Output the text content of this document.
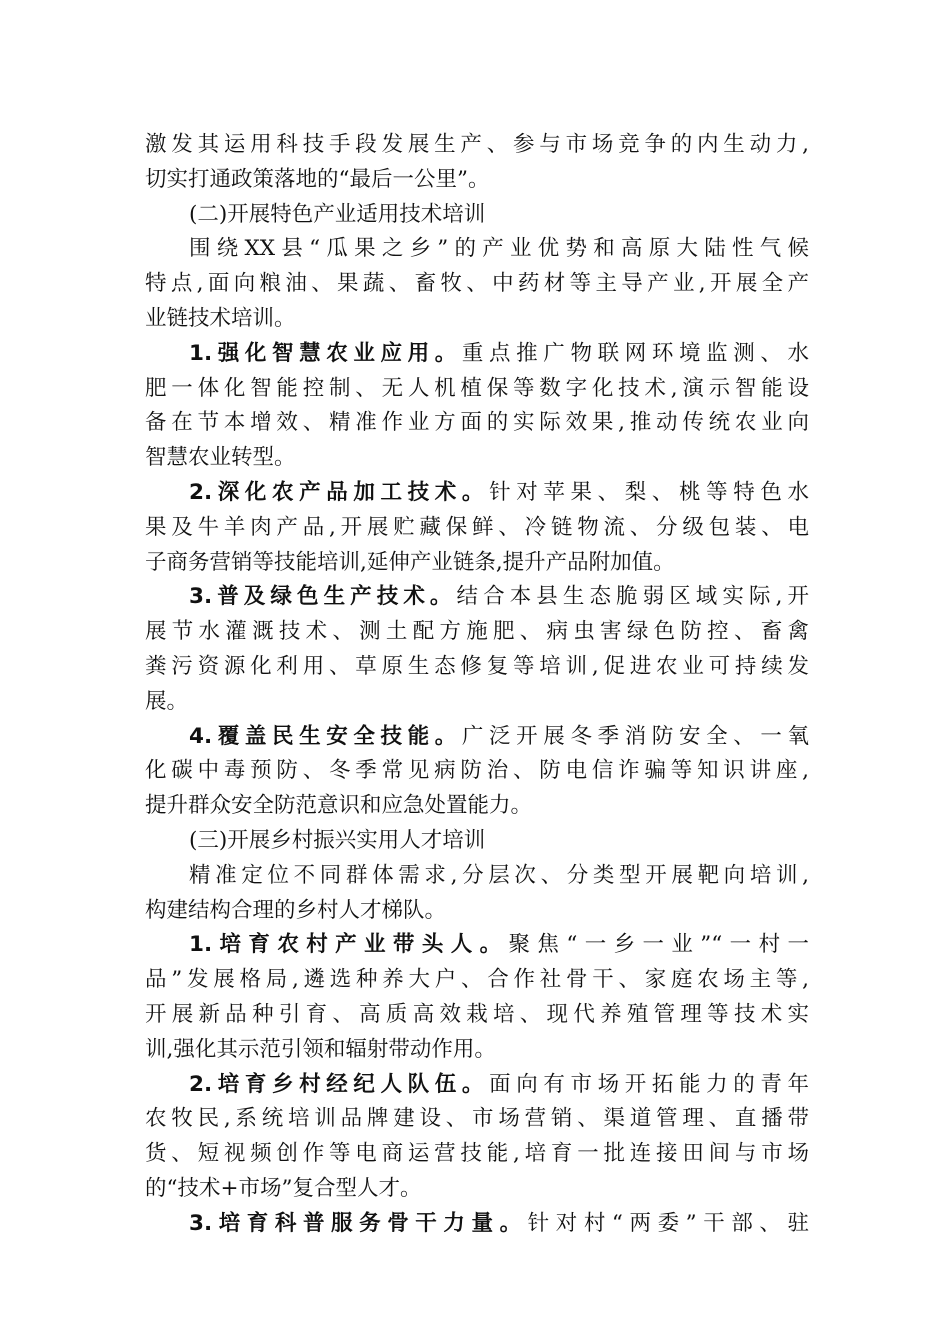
激发其运用科技手段发展生产、参与市场竞争的内生动力,
切实打通政策落地的“最后一公里”。
(二)开展特色产业适用技术培训
围绕XX县“瓜果之乡”的产业优势和高原大陆性气候
特点,面向粮油、果蔬、畜牧、中药材等主导产业,开展全产
业链技术培训。
1.强化智慧农业应用。重点推广物联网环境监测、水
肥一体化智能控制、无人机植保等数字化技术,演示智能设
备在节本增效、精准作业方面的实际效果,推动传统农业向
智慧农业转型。
2.深化农产品加工技术。针对苹果、梨、桃等特色水
果及牛羊肉产品,开展贮藏保鲜、冷链物流、分级包装、电
子商务营销等技能培训,延伸产业链条,提升产品附加值。
3.普及绿色生产技术。结合本县生态脆弱区域实际,开
展节水灌溉技术、测土配方施肥、病虫害绿色防控、畜禽
粪污资源化利用、草原生态修复等培训,促进农业可持续发
展。
4.覆盖民生安全技能。广泛开展冬季消防安全、一氧
化碳中毒预防、冬季常见病防治、防电信诈骗等知识讲座,
提升群众安全防范意识和应急处置能力。
(三)开展乡村振兴实用人才培训
精准定位不同群体需求,分层次、分类型开展靶向培训,
构建结构合理的乡村人才梯队。
1.培育农村产业带头人。聚焦“一乡一业”“一村一
品”发展格局,遴选种养大户、合作社骨干、家庭农场主等,
开展新品种引育、高质高效栽培、现代养殖管理等技术实
训,强化其示范引领和辐射带动作用。
2.培育乡村经纪人队伍。面向有市场开拓能力的青年
农牧民,系统培训品牌建设、市场营销、渠道管理、直播带
货、短视频创作等电商运营技能,培育一批连接田间与市场
的“技术+市场”复合型人才。
3.培育科普服务骨干力量。针对村“两委”干部、驻
